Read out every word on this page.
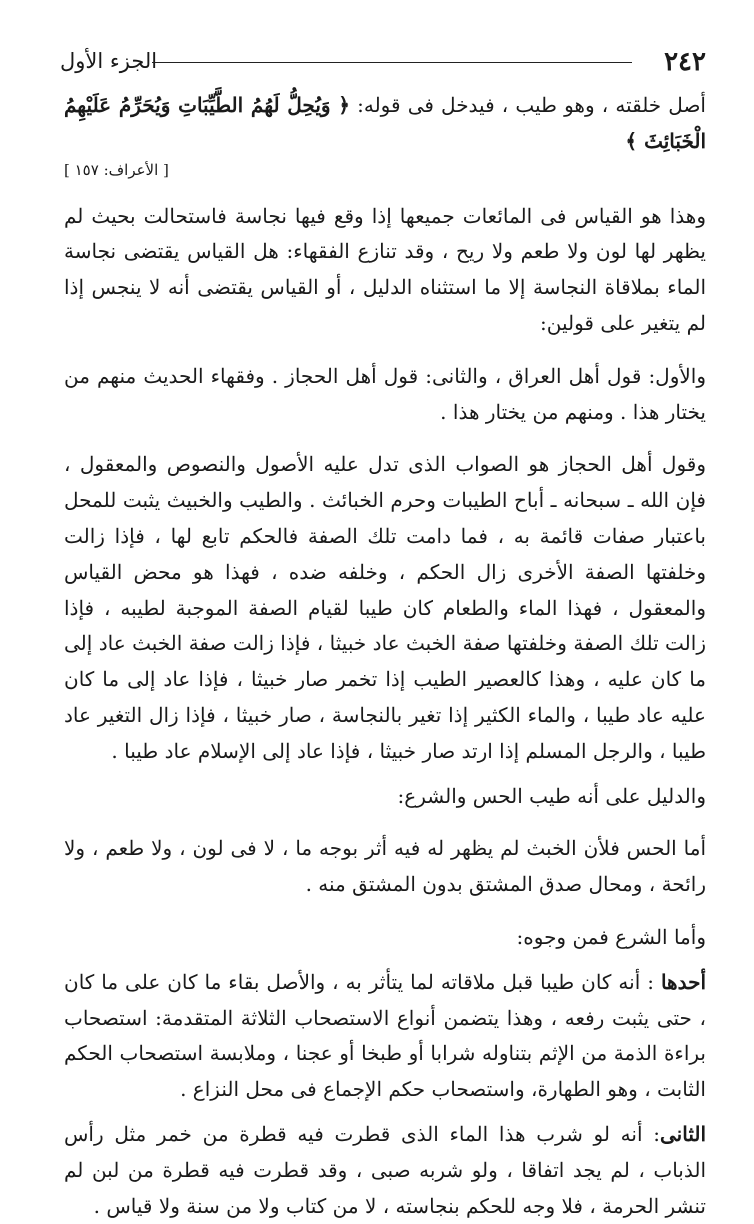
الجزء الأول	٢٤٢

أصل خلقته ، وهو طيب ، فيدخل فى قوله: ﴿ وَيُحِلُّ لَهُمُ الطَّيِّبَاتِ وَيُحَرِّمُ عَلَيْهِمُ الْخَبَائِثَ ﴾

[ الأعراف: ١٥٧ ]

وهذا هو القياس فى المائعات جميعها إذا وقع فيها نجاسة فاستحالت بحيث لم يظهر لها لون ولا طعم ولا ريح ، وقد تنازع الفقهاء: هل القياس يقتضى نجاسة الماء بملاقاة النجاسة إلا ما استثناه الدليل ، أو القياس يقتضى أنه لا ينجس إذا لم يتغير على قولين:

والأول: قول أهل العراق ، والثانى: قول أهل الحجاز . وفقهاء الحديث منهم من يختار هذا . ومنهم من يختار هذا .

وقول أهل الحجاز هو الصواب الذى تدل عليه الأصول والنصوص والمعقول ، فإن الله ـ سبحانه ـ أباح الطيبات وحرم الخبائث . والطيب والخبيث يثبت للمحل باعتبار صفات قائمة به ، فما دامت تلك الصفة فالحكم تابع لها ، فإذا زالت وخلفتها الصفة الأخرى زال الحكم ، وخلفه ضده ، فهذا هو محض القياس والمعقول ، فهذا الماء والطعام كان طيبا لقيام الصفة الموجبة لطيبه ، فإذا زالت تلك الصفة وخلفتها صفة الخبث عاد خبيثا ، فإذا زالت صفة الخبث عاد إلى ما كان عليه ، وهذا كالعصير الطيب إذا تخمر صار خبيثا ، فإذا عاد إلى ما كان عليه عاد طيبا ، والماء الكثير إذا تغير بالنجاسة ، صار خبيثا ، فإذا زال التغير عاد طيبا ، والرجل المسلم إذا ارتد صار خبيثا ، فإذا عاد إلى الإسلام عاد طيبا .

والدليل على أنه طيب الحس والشرع:

أما الحس فلأن الخبث لم يظهر له فيه أثر بوجه ما ، لا فى لون ، ولا طعم ، ولا رائحة ، ومحال صدق المشتق بدون المشتق منه .

وأما الشرع فمن وجوه:

أحدها : أنه كان طيبا قبل ملاقاته لما يتأثر به ، والأصل بقاء ما كان على ما كان ، حتى يثبت رفعه ، وهذا يتضمن أنواع الاستصحاب الثلاثة المتقدمة: استصحاب براءة الذمة من الإثم بتناوله شرابا أو طبخا أو عجنا ، وملابسة استصحاب الحكم الثابت ، وهو الطهارة، واستصحاب حكم الإجماع فى محل النزاع .

الثانى: أنه لو شرب هذا الماء الذى قطرت فيه قطرة من خمر مثل رأس الذباب ، لم يجد اتفاقا ، ولو شربه صبى ، وقد قطرت فيه قطرة من لبن لم تنشر الحرمة ، فلا وجه للحكم بنجاسته ، لا من كتاب ولا من سنة ولا قياس .
